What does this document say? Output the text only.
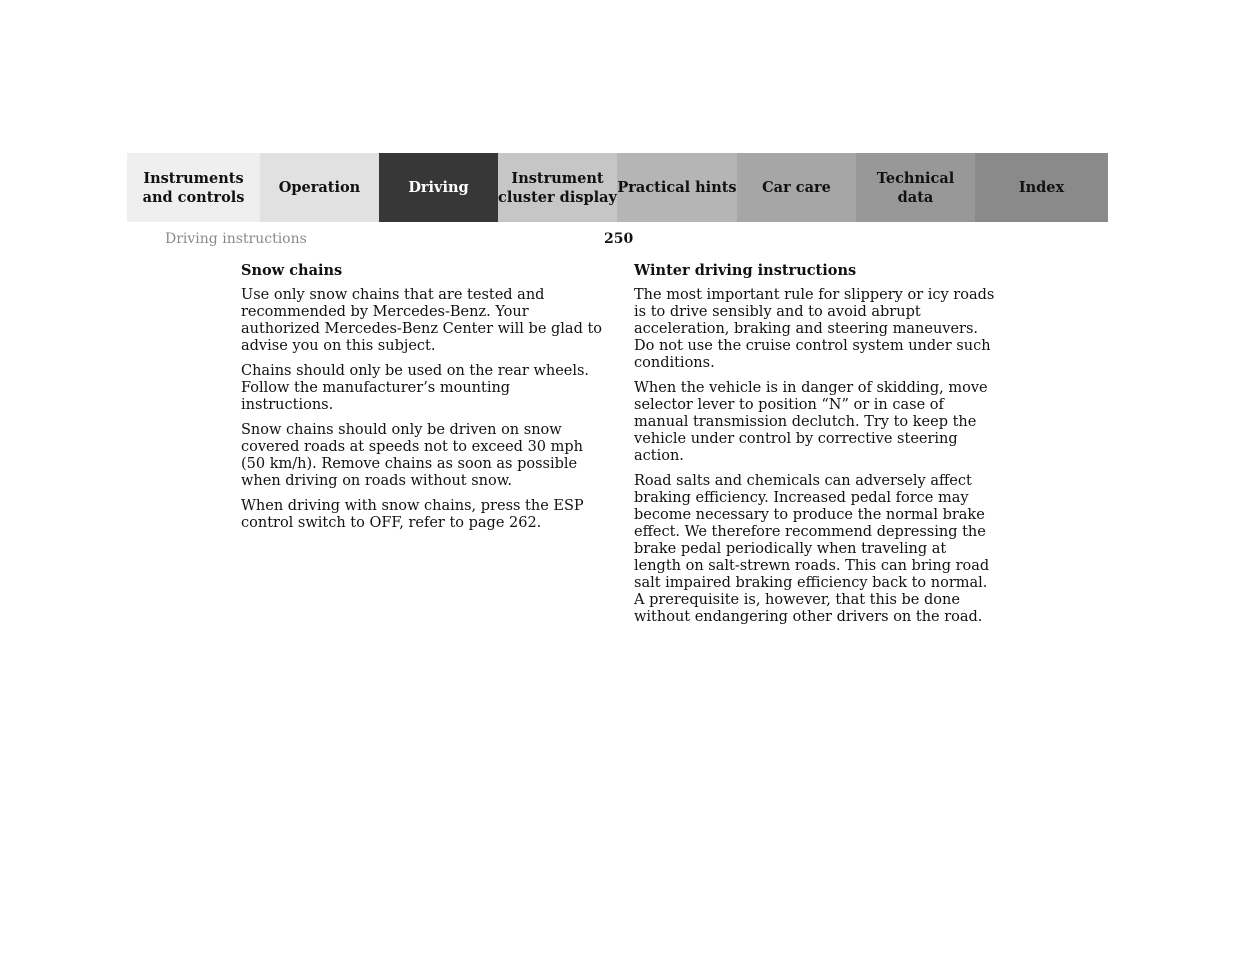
Instruments
and controls
Operation	Driving
Instrument
cluster display
Practical hints	Car care
Technical
data
Index
Driving instructions	250

Snow chains

Use only snow chains that are tested and recommended by Mercedes-Benz. Your authorized Mercedes-Benz Center will be glad to advise you on this subject.

Chains should only be used on the rear wheels. Follow the manufacturer’s mounting instructions.

Snow chains should only be driven on snow covered roads at speeds not to exceed 30 mph (50 km/h). Remove chains as soon as possible when driving on roads without snow.

When driving with snow chains, press the ESP control switch to OFF, refer to page 262.

Winter driving instructions

The most important rule for slippery or icy roads is to drive sensibly and to avoid abrupt acceleration, braking and steering maneuvers. Do not use the cruise control system under such conditions.

When the vehicle is in danger of skidding, move selector lever to position “N” or in case of manual transmission declutch. Try to keep the vehicle under control by corrective steering action.

Road salts and chemicals can adversely affect braking efficiency. Increased pedal force may become necessary to produce the normal brake effect. We therefore recommend depressing the brake pedal periodically when traveling at length on salt-strewn roads. This can bring road salt impaired braking efficiency back to normal. A prerequisite is, however, that this be done without endangering other drivers on the road.
